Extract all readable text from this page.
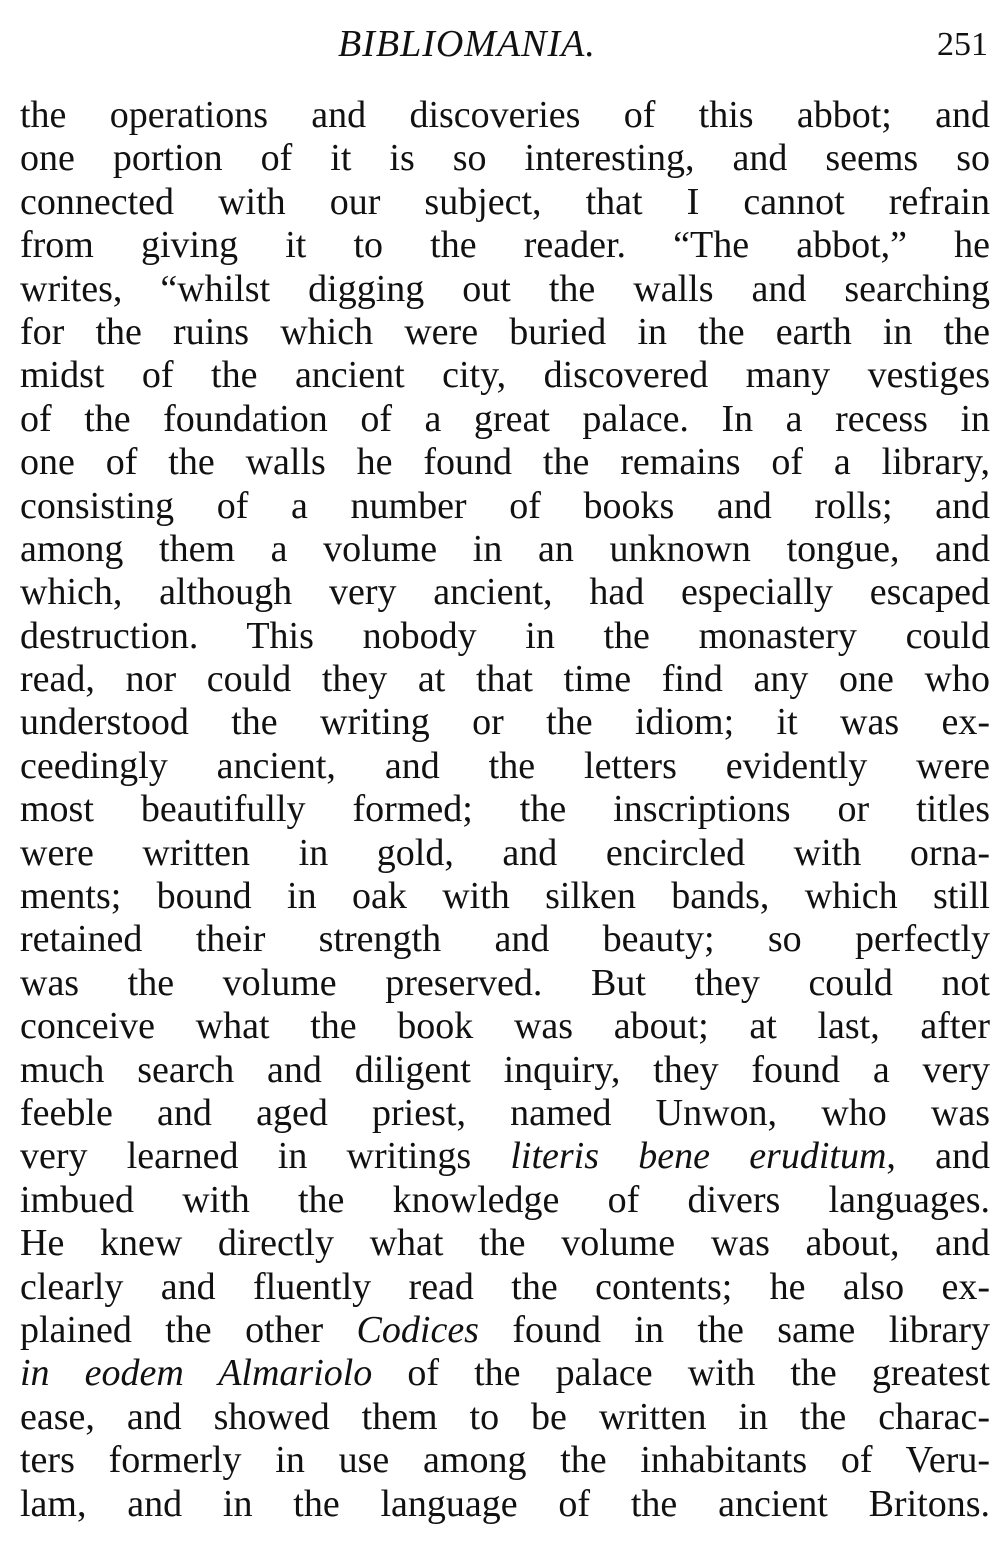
BIBLIOMANIA.	251
the operations and discoveries of this abbot; and
one portion of it is so interesting, and seems so
connected with our subject, that I cannot refrain
from giving it to the reader. “The abbot,” he
writes, “whilst digging out the walls and searching
for the ruins which were buried in the earth in the
midst of the ancient city, discovered many vestiges
of the foundation of a great palace. In a recess in
one of the walls he found the remains of a library,
consisting of a number of books and rolls; and
among them a volume in an unknown tongue, and
which, although very ancient, had especially escaped
destruction. This nobody in the monastery could
read, nor could they at that time find any one who
understood the writing or the idiom; it was ex-
ceedingly ancient, and the letters evidently were
most beautifully formed; the inscriptions or titles
were written in gold, and encircled with orna-
ments; bound in oak with silken bands, which still
retained their strength and beauty; so perfectly
was the volume preserved. But they could not
conceive what the book was about; at last, after
much search and diligent inquiry, they found a very
feeble and aged priest, named Unwon, who was
very learned in writings literis bene eruditum, and
imbued with the knowledge of divers languages.
He knew directly what the volume was about, and
clearly and fluently read the contents; he also ex-
plained the other Codices found in the same library
in eodem Almariolo of the palace with the greatest
ease, and showed them to be written in the charac-
ters formerly in use among the inhabitants of Veru-
lam, and in the language of the ancient Britons.
